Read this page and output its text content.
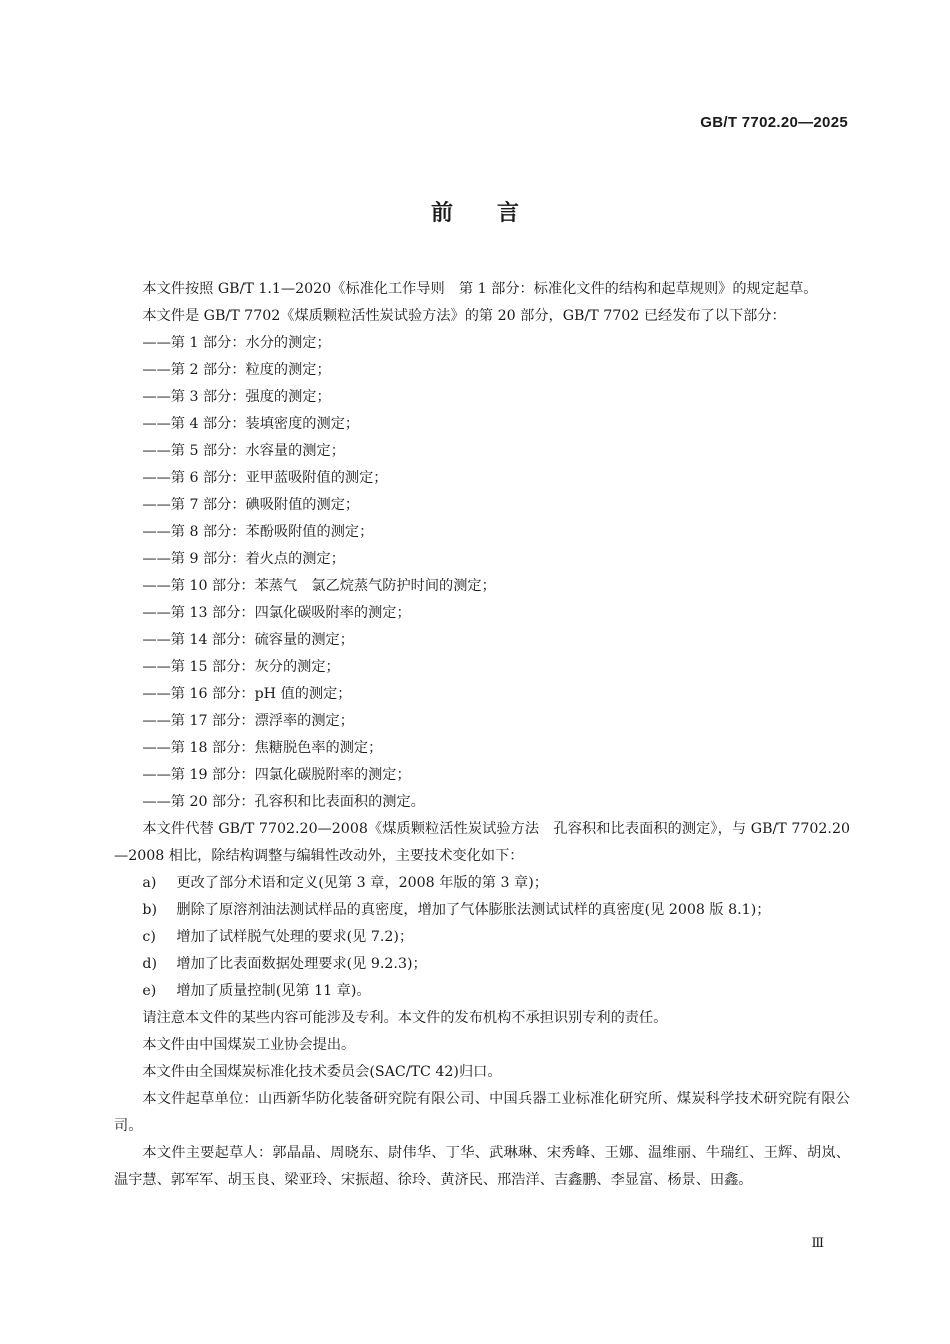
GB/T 7702.20—2025
前 言

本文件按照 GB/T 1.1—2020《标准化工作导则　第 1 部分：标准化文件的结构和起草规则》的规定起草。

本文件是 GB/T 7702《煤质颗粒活性炭试验方法》的第 20 部分，GB/T 7702 已经发布了以下部分：

——第 1 部分：水分的测定；

——第 2 部分：粒度的测定；

——第 3 部分：强度的测定；

——第 4 部分：装填密度的测定；

——第 5 部分：水容量的测定；

——第 6 部分：亚甲蓝吸附值的测定；

——第 7 部分：碘吸附值的测定；

——第 8 部分：苯酚吸附值的测定；

——第 9 部分：着火点的测定；

——第 10 部分：苯蒸气　氯乙烷蒸气防护时间的测定；

——第 13 部分：四氯化碳吸附率的测定；

——第 14 部分：硫容量的测定；

——第 15 部分：灰分的测定；

——第 16 部分：pH 值的测定；

——第 17 部分：漂浮率的测定；

——第 18 部分：焦糖脱色率的测定；

——第 19 部分：四氯化碳脱附率的测定；

——第 20 部分：孔容积和比表面积的测定。

本文件代替 GB/T 7702.20—2008《煤质颗粒活性炭试验方法　孔容积和比表面积的测定》，与 GB/T 7702.20—2008 相比，除结构调整与编辑性改动外，主要技术变化如下：

a) 更改了部分术语和定义(见第 3 章，2008 年版的第 3 章)；

b) 删除了原溶剂油法测试样品的真密度，增加了气体膨胀法测试试样的真密度(见 2008 版 8.1)；

c) 增加了试样脱气处理的要求(见 7.2)；

d) 增加了比表面数据处理要求(见 9.2.3)；

e) 增加了质量控制(见第 11 章)。

请注意本文件的某些内容可能涉及专利。本文件的发布机构不承担识别专利的责任。

本文件由中国煤炭工业协会提出。

本文件由全国煤炭标准化技术委员会(SAC/TC 42)归口。

本文件起草单位：山西新华防化装备研究院有限公司、中国兵器工业标准化研究所、煤炭科学技术研究院有限公司。

本文件主要起草人：郭晶晶、周晓东、尉伟华、丁华、武琳琳、宋秀峰、王娜、温维丽、牛瑞红、王辉、胡岚、温宇慧、郭军军、胡玉良、梁亚玲、宋振超、徐玲、黄济民、邢浩洋、吉鑫鹏、李显富、杨景、田鑫。

Ⅲ
